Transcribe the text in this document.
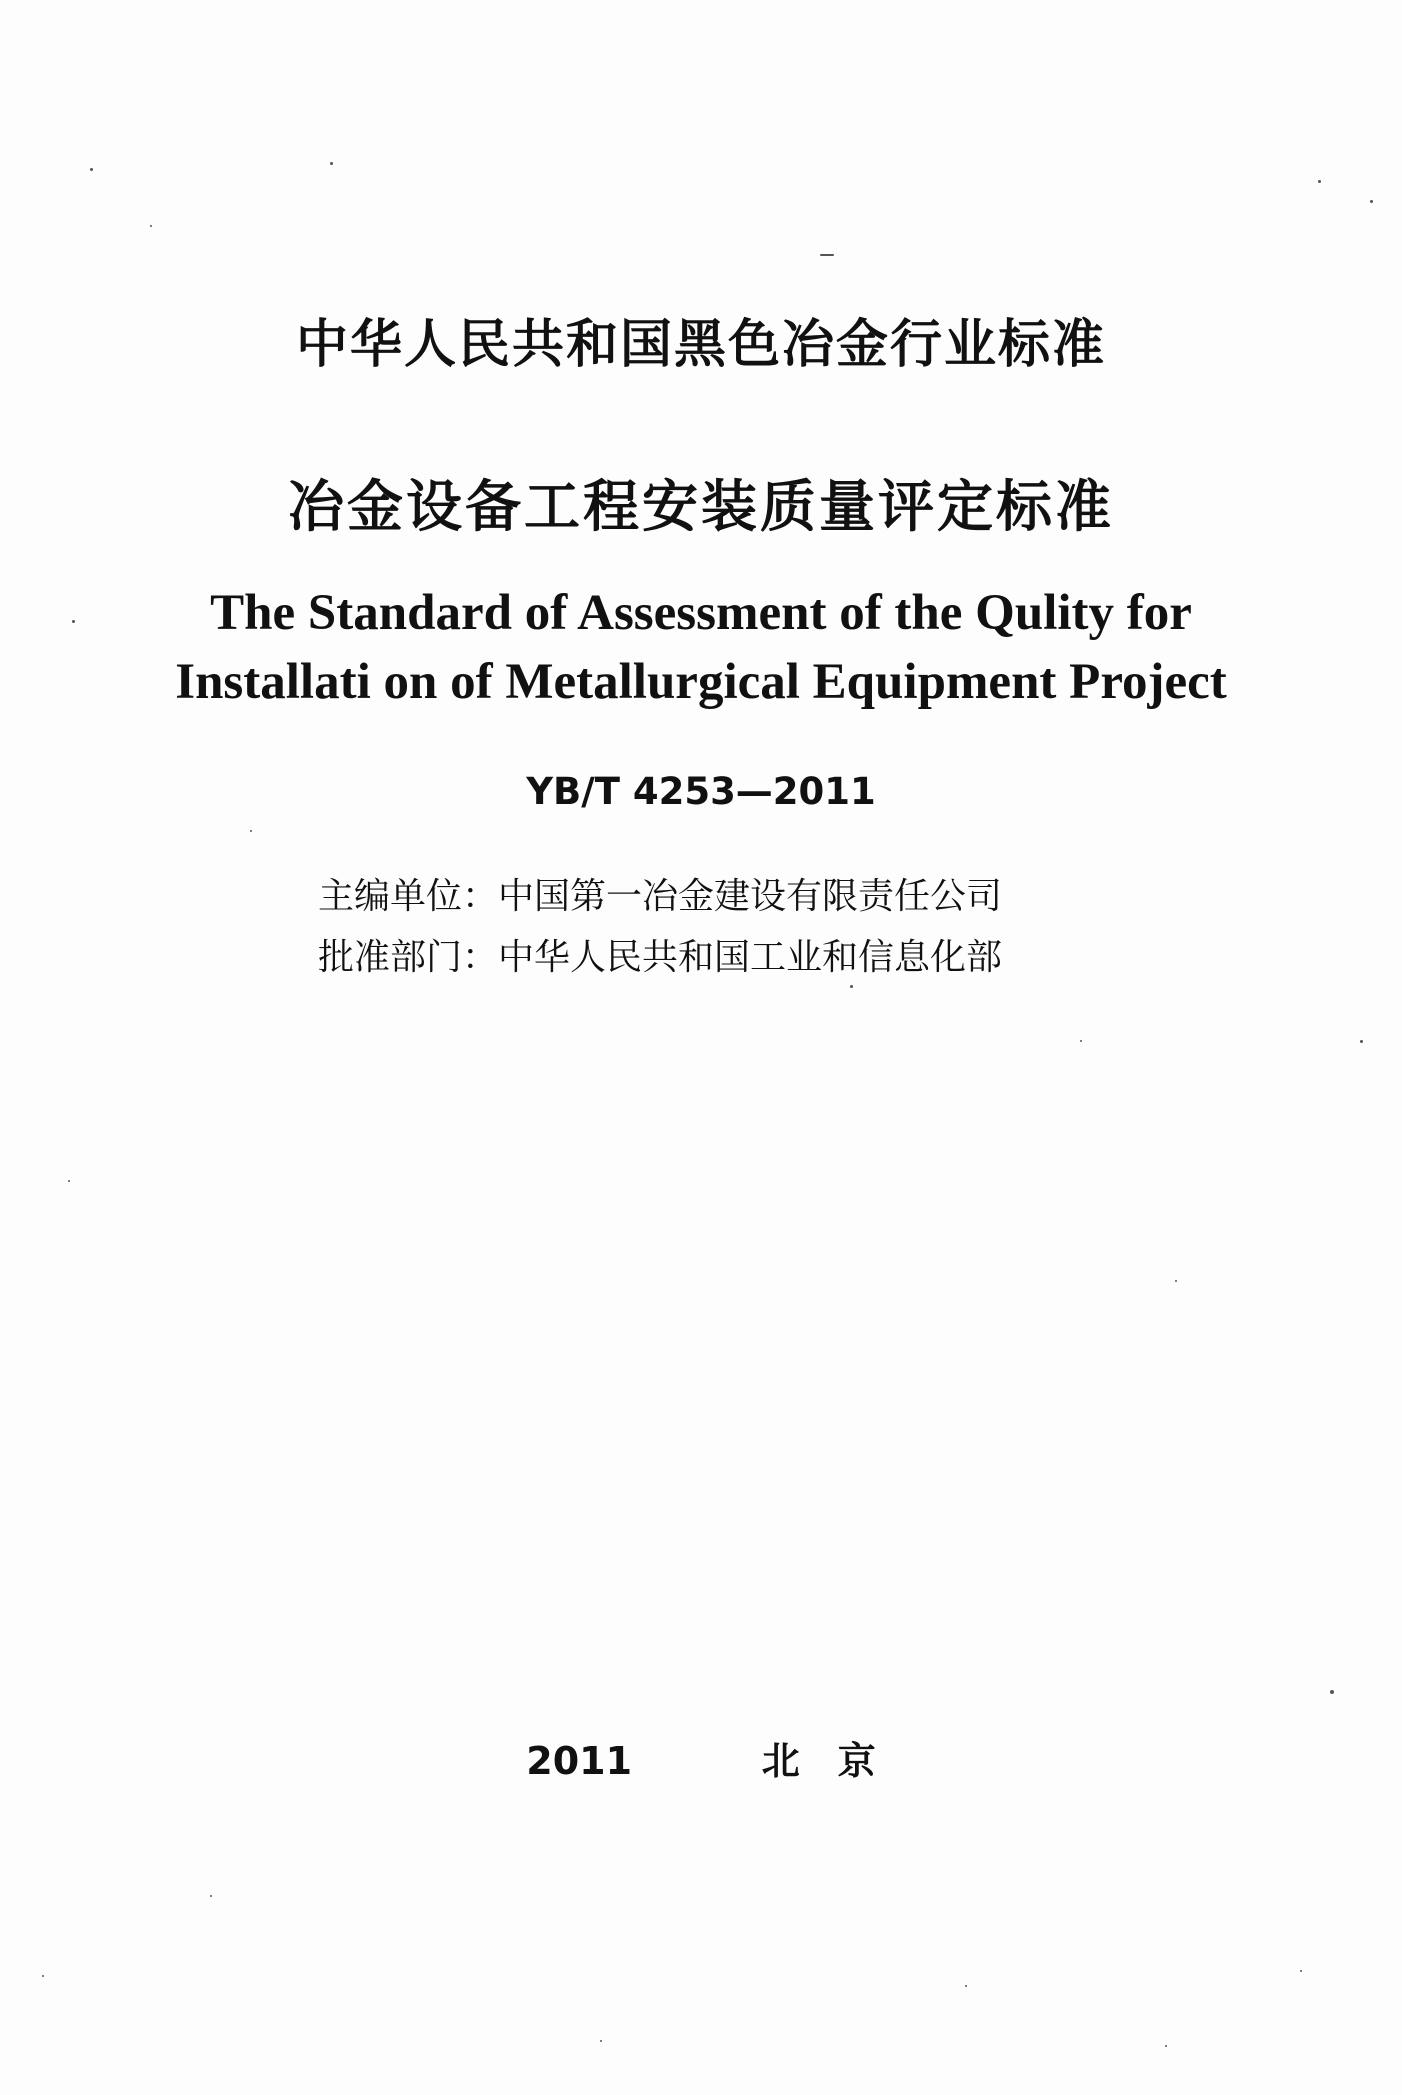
中华人民共和国黑色冶金行业标准
冶金设备工程安装质量评定标准
The Standard of Assessment of the Qulity for
Installati on of Metallurgical Equipment Project
YB/T 4253—2011
主编单位：中国第一冶金建设有限责任公司
批准部门：中华人民共和国工业和信息化部
2011	北　京
